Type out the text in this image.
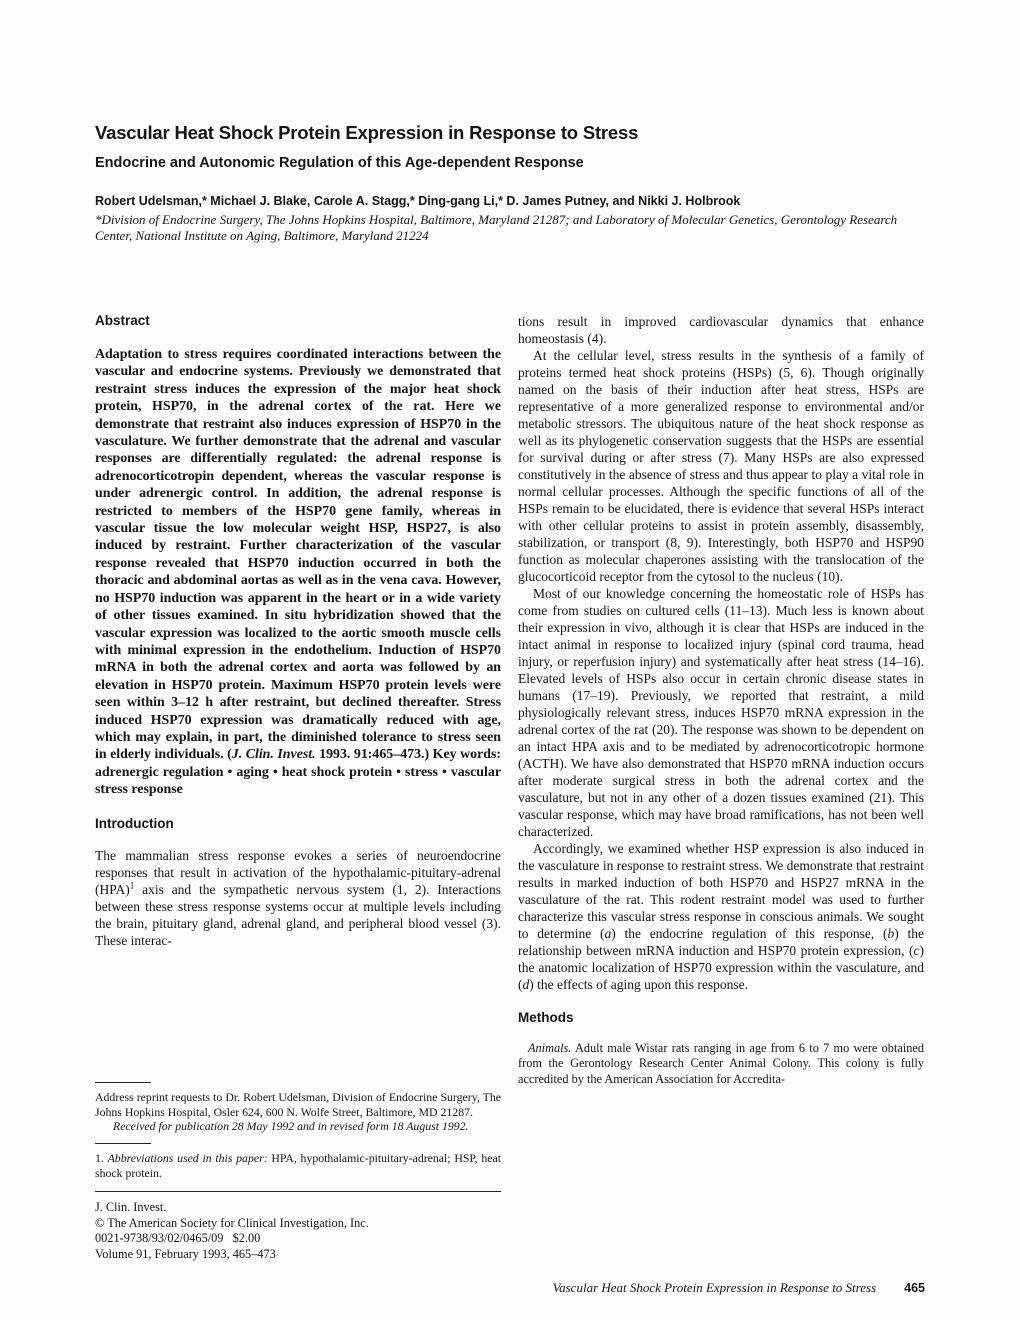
Vascular Heat Shock Protein Expression in Response to Stress
Endocrine and Autonomic Regulation of this Age-dependent Response

Robert Udelsman,* Michael J. Blake, Carole A. Stagg,* Ding-gang Li,* D. James Putney, and Nikki J. Holbrook

*Division of Endocrine Surgery, The Johns Hopkins Hospital, Baltimore, Maryland 21287; and Laboratory of Molecular Genetics, Gerontology Research Center, National Institute on Aging, Baltimore, Maryland 21224

Abstract

Adaptation to stress requires coordinated interactions between the vascular and endocrine systems. Previously we demonstrated that restraint stress induces the expression of the major heat shock protein, HSP70, in the adrenal cortex of the rat. Here we demonstrate that restraint also induces expression of HSP70 in the vasculature. We further demonstrate that the adrenal and vascular responses are differentially regulated: the adrenal response is adrenocorticotropin dependent, whereas the vascular response is under adrenergic control. In addition, the adrenal response is restricted to members of the HSP70 gene family, whereas in vascular tissue the low molecular weight HSP, HSP27, is also induced by restraint. Further characterization of the vascular response revealed that HSP70 induction occurred in both the thoracic and abdominal aortas as well as in the vena cava. However, no HSP70 induction was apparent in the heart or in a wide variety of other tissues examined. In situ hybridization showed that the vascular expression was localized to the aortic smooth muscle cells with minimal expression in the endothelium. Induction of HSP70 mRNA in both the adrenal cortex and aorta was followed by an elevation in HSP70 protein. Maximum HSP70 protein levels were seen within 3–12 h after restraint, but declined thereafter. Stress induced HSP70 expression was dramatically reduced with age, which may explain, in part, the diminished tolerance to stress seen in elderly individuals. (J. Clin. Invest. 1993. 91:465–473.) Key words: adrenergic regulation • aging • heat shock protein • stress • vascular stress response

Introduction

The mammalian stress response evokes a series of neuroendocrine responses that result in activation of the hypothalamic-pituitary-adrenal (HPA)$^1$ axis and the sympathetic nervous system (1, 2). Interactions between these stress response systems occur at multiple levels including the brain, pituitary gland, adrenal gland, and peripheral blood vessel (3). These interac-

Address reprint requests to Dr. Robert Udelsman, Division of Endocrine Surgery, The Johns Hopkins Hospital, Osler 624, 600 N. Wolfe Street, Baltimore, MD 21287.

Received for publication 28 May 1992 and in revised form 18 August 1992.

1. Abbreviations used in this paper: HPA, hypothalamic-pituitary-adrenal; HSP, heat shock protein.

J. Clin. Invest.

© The American Society for Clinical Investigation, Inc.

0021-9738/93/02/0465/09   $2.00

Volume 91, February 1993, 465–473

tions result in improved cardiovascular dynamics that enhance homeostasis (4).

At the cellular level, stress results in the synthesis of a family of proteins termed heat shock proteins (HSPs) (5, 6). Though originally named on the basis of their induction after heat stress, HSPs are representative of a more generalized response to environmental and/or metabolic stressors. The ubiquitous nature of the heat shock response as well as its phylogenetic conservation suggests that the HSPs are essential for survival during or after stress (7). Many HSPs are also expressed constitutively in the absence of stress and thus appear to play a vital role in normal cellular processes. Although the specific functions of all of the HSPs remain to be elucidated, there is evidence that several HSPs interact with other cellular proteins to assist in protein assembly, disassembly, stabilization, or transport (8, 9). Interestingly, both HSP70 and HSP90 function as molecular chaperones assisting with the translocation of the glucocorticoid receptor from the cytosol to the nucleus (10).

Most of our knowledge concerning the homeostatic role of HSPs has come from studies on cultured cells (11–13). Much less is known about their expression in vivo, although it is clear that HSPs are induced in the intact animal in response to localized injury (spinal cord trauma, head injury, or reperfusion injury) and systematically after heat stress (14–16). Elevated levels of HSPs also occur in certain chronic disease states in humans (17–19). Previously, we reported that restraint, a mild physiologically relevant stress, induces HSP70 mRNA expression in the adrenal cortex of the rat (20). The response was shown to be dependent on an intact HPA axis and to be mediated by adrenocorticotropic hormone (ACTH). We have also demonstrated that HSP70 mRNA induction occurs after moderate surgical stress in both the adrenal cortex and the vasculature, but not in any other of a dozen tissues examined (21). This vascular response, which may have broad ramifications, has not been well characterized.

Accordingly, we examined whether HSP expression is also induced in the vasculature in response to restraint stress. We demonstrate that restraint results in marked induction of both HSP70 and HSP27 mRNA in the vasculature of the rat. This rodent restraint model was used to further characterize this vascular stress response in conscious animals. We sought to determine (a) the endocrine regulation of this response, (b) the relationship between mRNA induction and HSP70 protein expression, (c) the anatomic localization of HSP70 expression within the vasculature, and (d) the effects of aging upon this response.

Methods

Animals. Adult male Wistar rats ranging in age from 6 to 7 mo were obtained from the Gerontology Research Center Animal Colony. This colony is fully accredited by the American Association for Accredita-

Vascular Heat Shock Protein Expression in Response to Stress 465
